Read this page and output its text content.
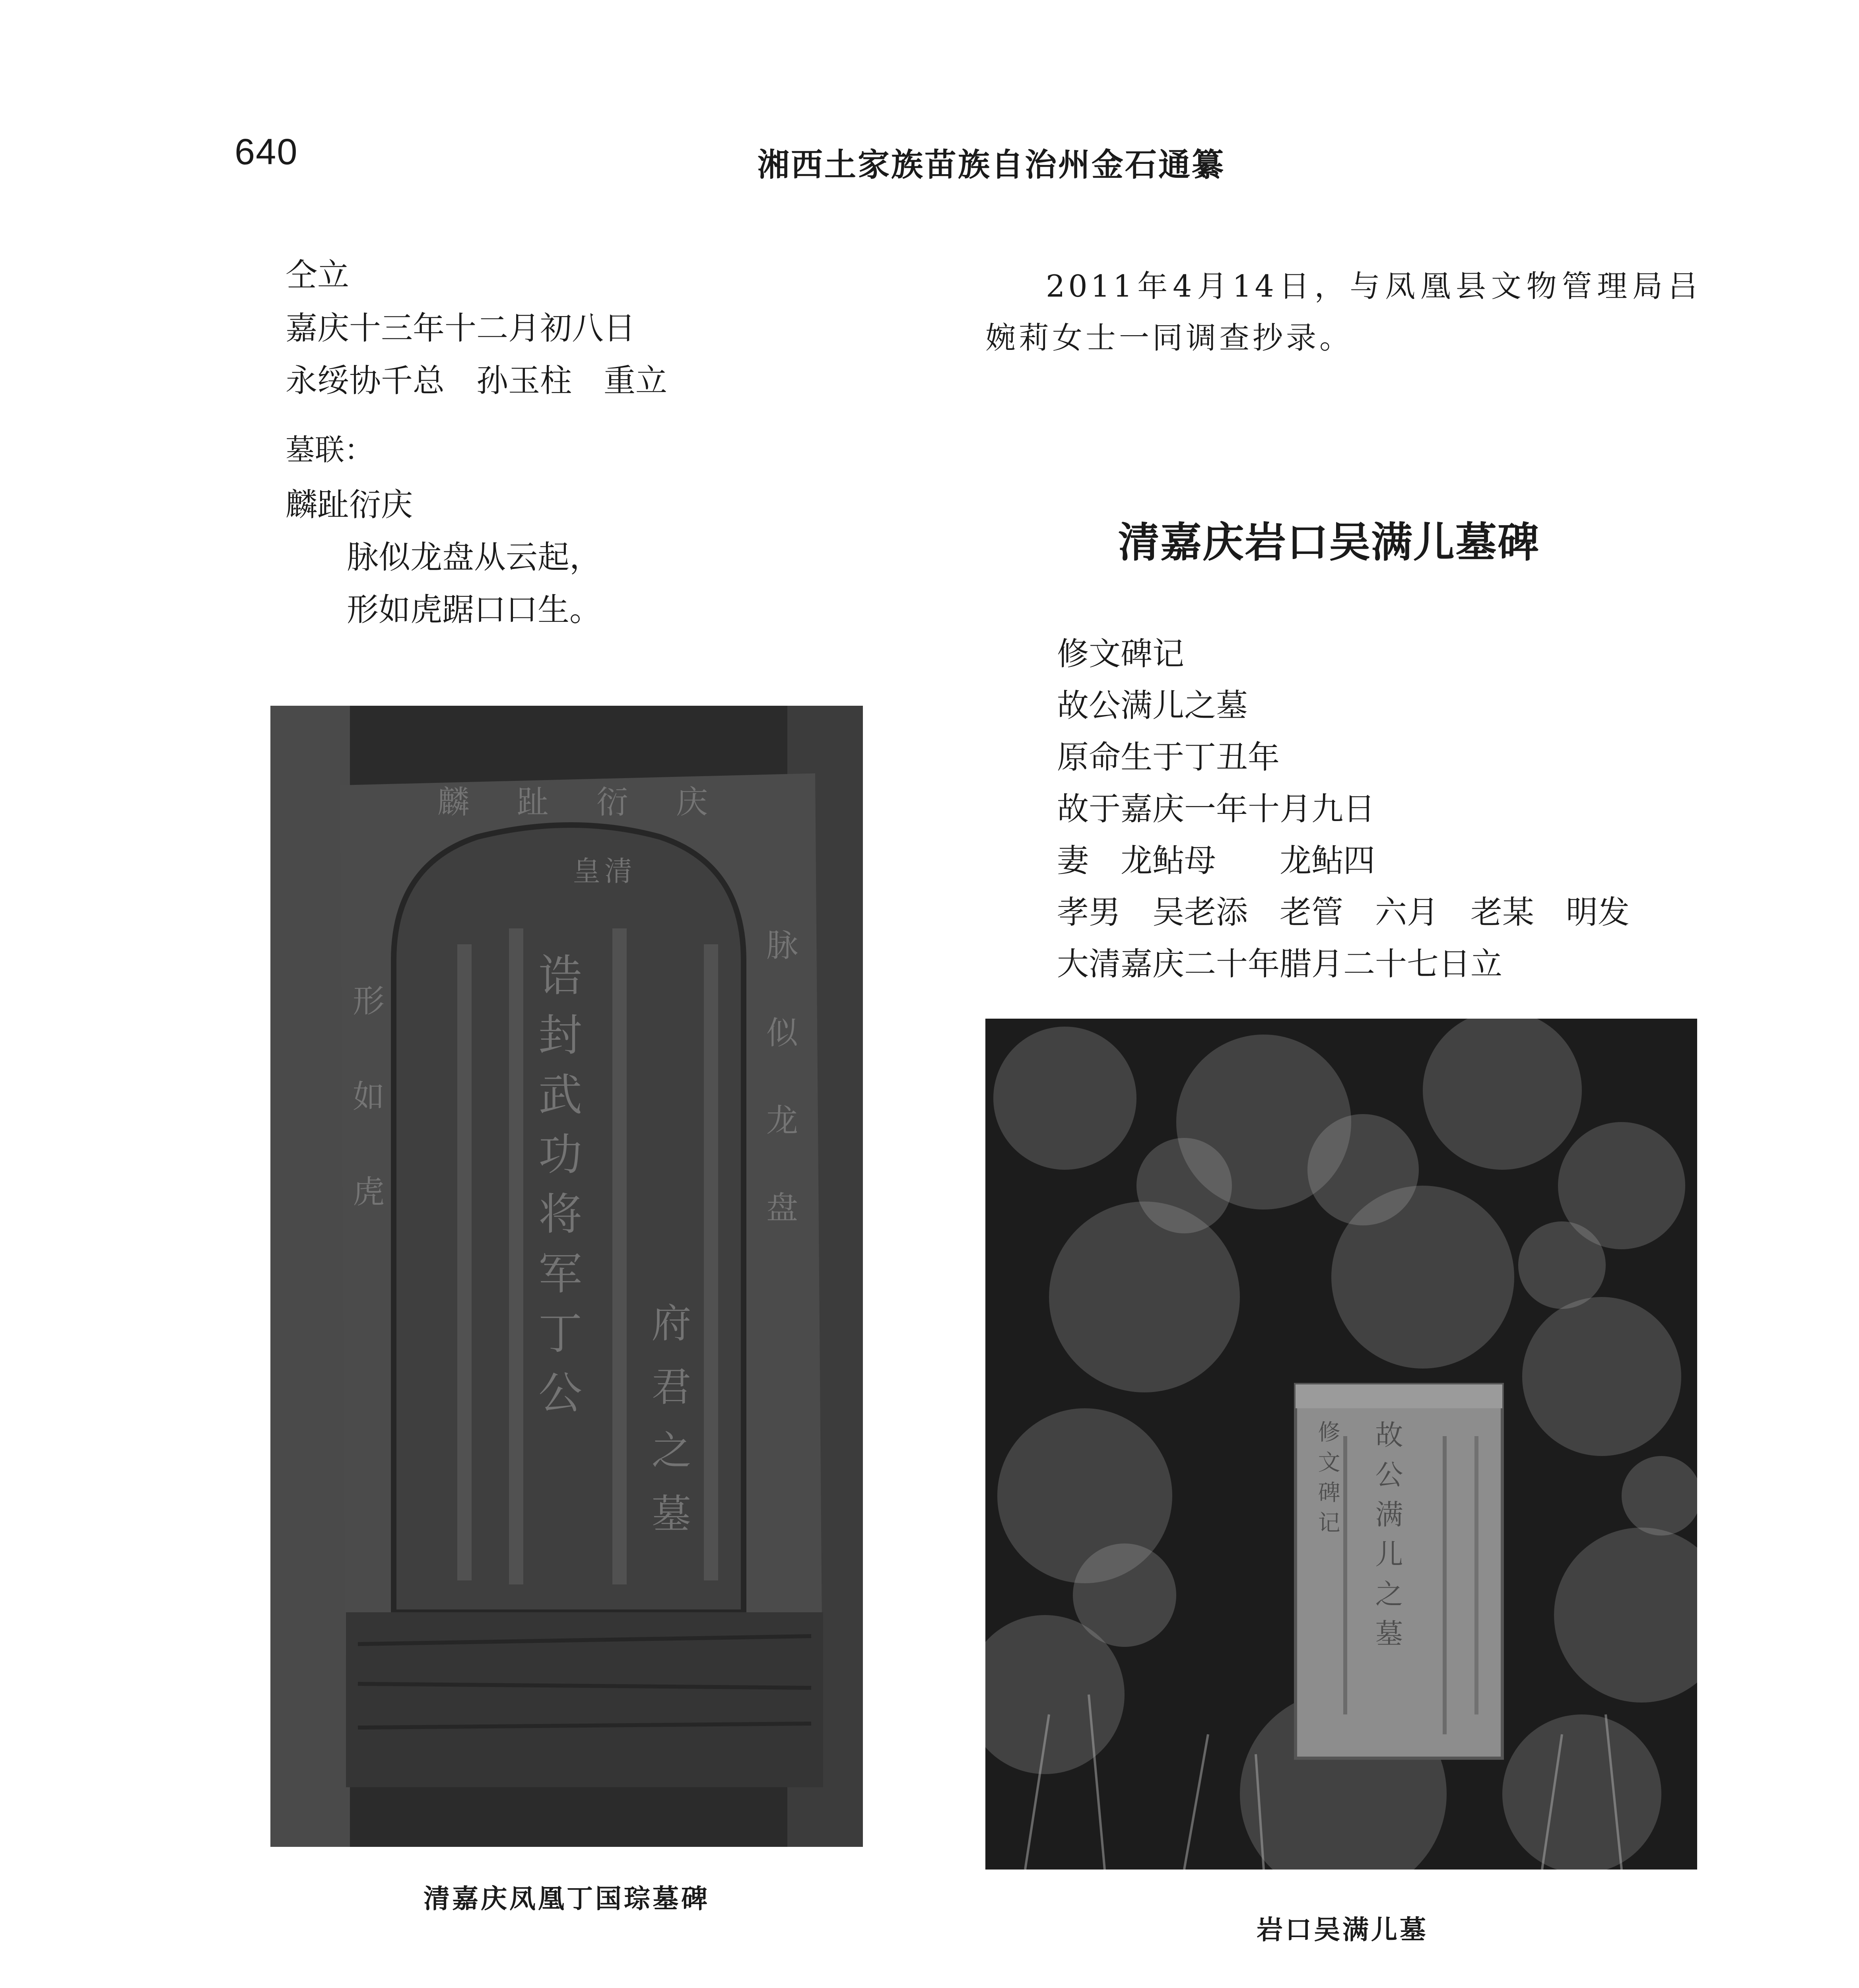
640	湘西土家族苗族自治州金石通纂
仝立
嘉庆十三年十二月初八日
永绥协千总　孙玉柱　重立
墓联：
麟趾衍庆
脉似龙盘从云起，
形如虎踞口口生。
麟趾衍庆
形如虎	脉似龙盘
皇清
诰封武功将军丁公 府君之墓
清嘉庆凤凰丁国琮墓碑
2011年4月14日，与凤凰县文物管理局吕婉莉女士一同调查抄录。
清嘉庆岩口吴满儿墓碑
修文碑记
故公满儿之墓
原命生于丁丑年
故于嘉庆一年十月九日
妻　龙鲇母　　龙鲇四
孝男　吴老添　老管　六月　老某　明发
大清嘉庆二十年腊月二十七日立
修文碑记 故公满儿之墓
岩口吴满儿墓
